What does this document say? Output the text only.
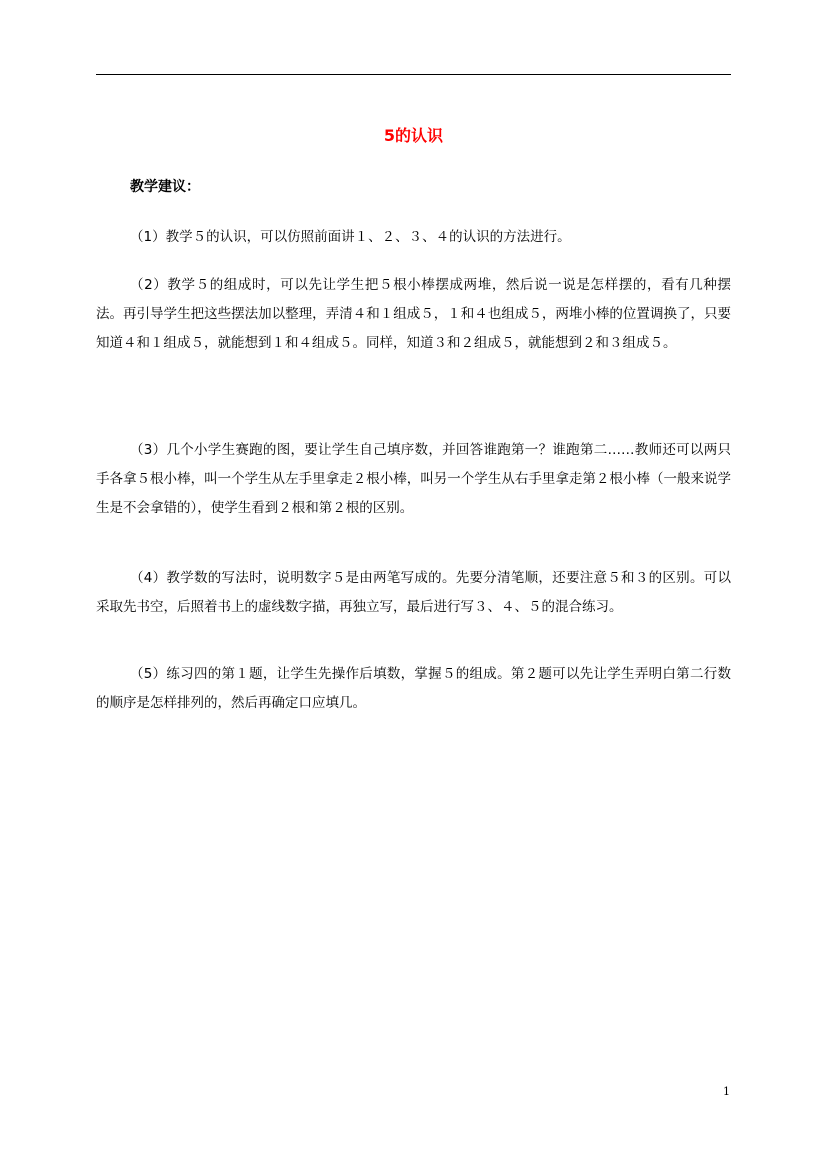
5的认识
教学建议：
（1）教学５的认识，可以仿照前面讲１、２、３、４的认识的方法进行。
（2）教学５的组成时，可以先让学生把５根小棒摆成两堆，然后说一说是怎样摆的，看有几种摆法。再引导学生把这些摆法加以整理，弄清４和１组成５，１和４也组成５，两堆小棒的位置调换了，只要知道４和１组成５，就能想到１和４组成５。同样，知道３和２组成５，就能想到２和３组成５。
（3）几个小学生赛跑的图，要让学生自己填序数，并回答谁跑第一？谁跑第二……教师还可以两只手各拿５根小棒，叫一个学生从左手里拿走２根小棒，叫另一个学生从右手里拿走第２根小棒（一般来说学生是不会拿错的），使学生看到２根和第２根的区别。
（4）教学数的写法时，说明数字５是由两笔写成的。先要分清笔顺，还要注意５和３的区别。可以采取先书空，后照着书上的虚线数字描，再独立写，最后进行写３、４、５的混合练习。
（5）练习四的第１题，让学生先操作后填数，掌握５的组成。第２题可以先让学生弄明白第二行数的顺序是怎样排列的，然后再确定口应填几。
1
